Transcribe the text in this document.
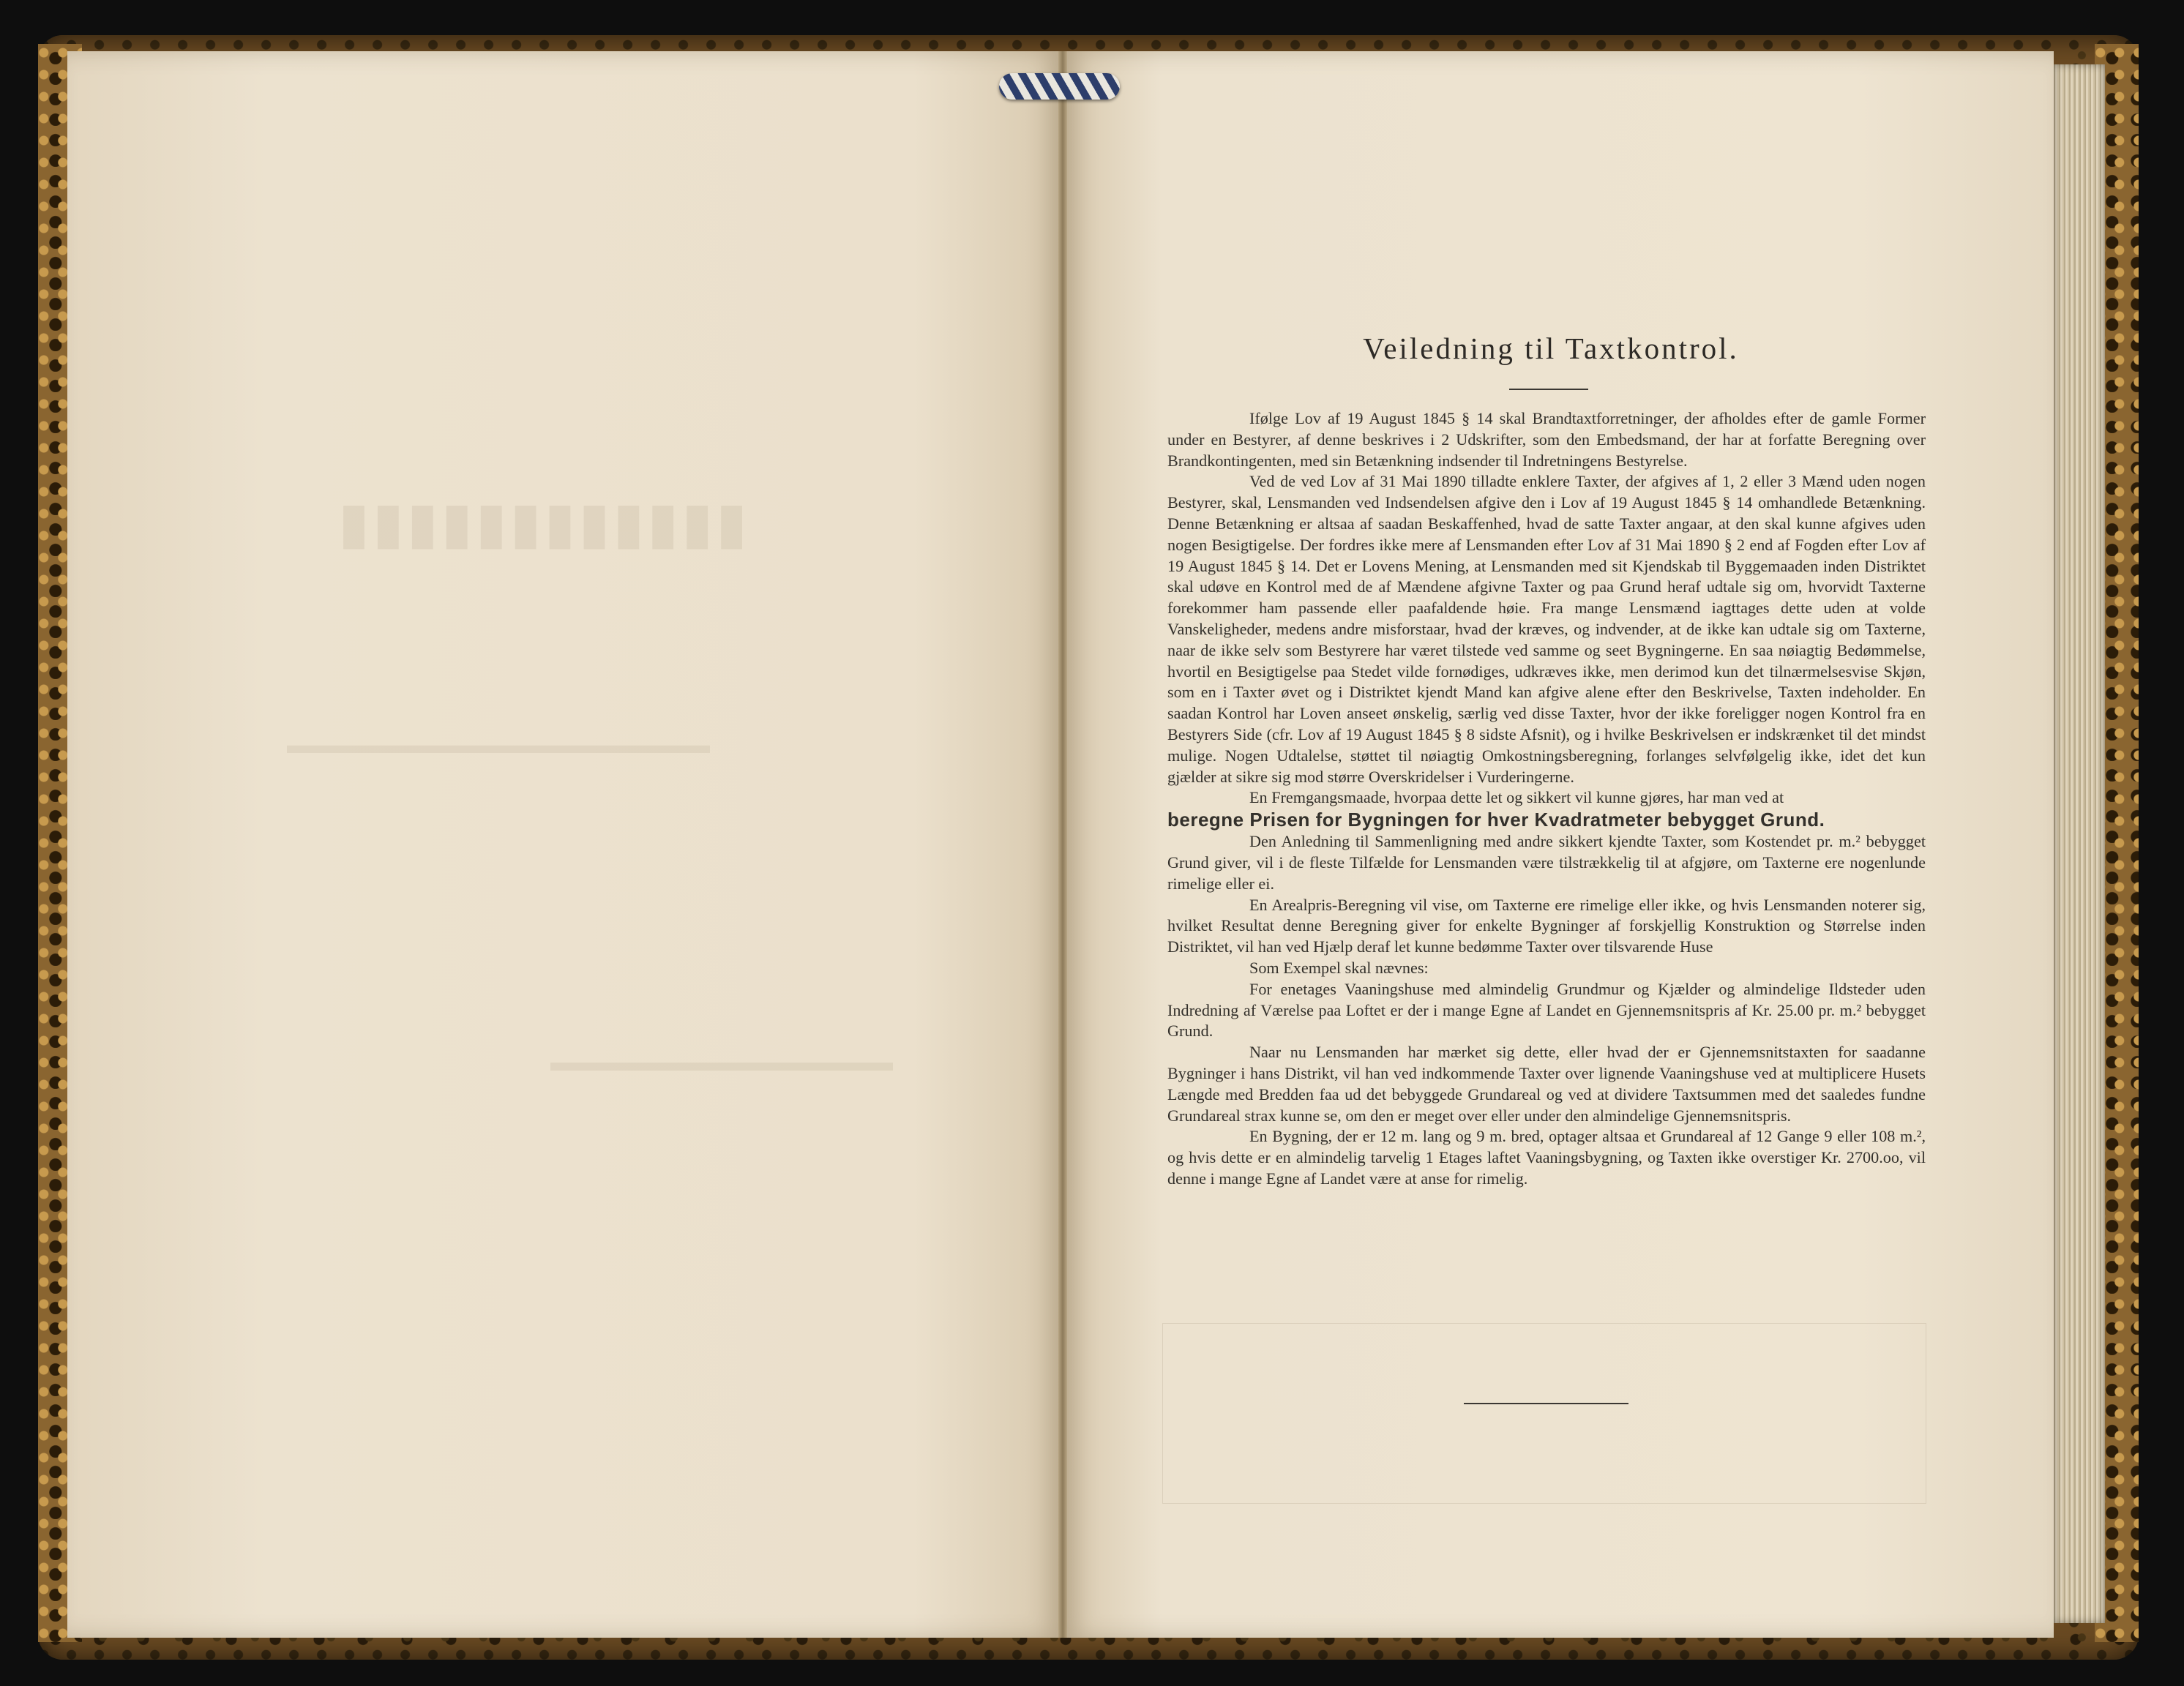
▮▮▮▮▮▮▮▮▮▮▮▮
▬▬▬▬▬▬▬▬▬▬▬▬▬▬▬▬▬
▬▬▬▬▬▬▬▬▬▬▬▬▬
Veiledning til Taxtkontrol.

Ifølge Lov af 19 August 1845 § 14 skal Brandtaxtforretninger, der afholdes efter de gamle Former under en Bestyrer, af denne beskrives i 2 Udskrifter, som den Embedsmand, der har at forfatte Beregning over Brandkontingenten, med sin Betænkning indsender til Indretningens Bestyrelse.

Ved de ved Lov af 31 Mai 1890 tilladte enklere Taxter, der afgives af 1, 2 eller 3 Mænd uden nogen Bestyrer, skal, Lensmanden ved Indsendelsen afgive den i Lov af 19 August 1845 § 14 omhandlede Betænkning. Denne Betænkning er altsaa af saadan Beskaffenhed, hvad de satte Taxter angaar, at den skal kunne afgives uden nogen Besigtigelse. Der fordres ikke mere af Lensmanden efter Lov af 31 Mai 1890 § 2 end af Fogden efter Lov af 19 August 1845 § 14. Det er Lovens Mening, at Lensmanden med sit Kjendskab til Byggemaaden inden Distriktet skal udøve en Kontrol med de af Mændene afgivne Taxter og paa Grund heraf udtale sig om, hvorvidt Taxterne forekommer ham passende eller paafaldende høie. Fra mange Lensmænd iagttages dette uden at volde Vanskeligheder, medens andre misforstaar, hvad der kræves, og indvender, at de ikke kan udtale sig om Taxterne, naar de ikke selv som Bestyrere har været tilstede ved samme og seet Bygningerne. En saa nøiagtig Bedømmelse, hvortil en Besigtigelse paa Stedet vilde fornødiges, udkræves ikke, men derimod kun det tilnærmelsesvise Skjøn, som en i Taxter øvet og i Distriktet kjendt Mand kan afgive alene efter den Beskrivelse, Taxten indeholder. En saadan Kontrol har Loven anseet ønskelig, særlig ved disse Taxter, hvor der ikke foreligger nogen Kontrol fra en Bestyrers Side (cfr. Lov af 19 August 1845 § 8 sidste Afsnit), og i hvilke Beskrivelsen er indskrænket til det mindst mulige. Nogen Udtalelse, støttet til nøiagtig Omkostningsberegning, forlanges selvfølgelig ikke, idet det kun gjælder at sikre sig mod større Overskridelser i Vurderingerne.

En Fremgangsmaade, hvorpaa dette let og sikkert vil kunne gjøres, har man ved at

beregne Prisen for Bygningen for hver Kvadratmeter bebygget Grund.

Den Anledning til Sammenligning med andre sikkert kjendte Taxter, som Kostendet pr. m.² bebygget Grund giver, vil i de fleste Tilfælde for Lensmanden være tilstrækkelig til at afgjøre, om Taxterne ere nogenlunde rimelige eller ei.

En Arealpris-Beregning vil vise, om Taxterne ere rimelige eller ikke, og hvis Lensmanden noterer sig, hvilket Resultat denne Beregning giver for enkelte Bygninger af forskjellig Konstruktion og Størrelse inden Distriktet, vil han ved Hjælp deraf let kunne bedømme Taxter over tilsvarende Huse

Som Exempel skal nævnes:

For enetages Vaaningshuse med almindelig Grundmur og Kjælder og almindelige Ildsteder uden Indredning af Værelse paa Loftet er der i mange Egne af Landet en Gjennemsnitspris af Kr. 25.00 pr. m.² bebygget Grund.

Naar nu Lensmanden har mærket sig dette, eller hvad der er Gjennemsnitstaxten for saadanne Bygninger i hans Distrikt, vil han ved indkommende Taxter over lignende Vaaningshuse ved at multiplicere Husets Længde med Bredden faa ud det bebyggede Grundareal og ved at dividere Taxtsummen med det saaledes fundne Grundareal strax kunne se, om den er meget over eller under den almindelige Gjennemsnitspris.

En Bygning, der er 12 m. lang og 9 m. bred, optager altsaa et Grundareal af 12 Gange 9 eller 108 m.², og hvis dette er en almindelig tarvelig 1 Etages laftet Vaaningsbygning, og Taxten ikke overstiger Kr. 2700.oo, vil denne i mange Egne af Landet være at anse for rimelig.
